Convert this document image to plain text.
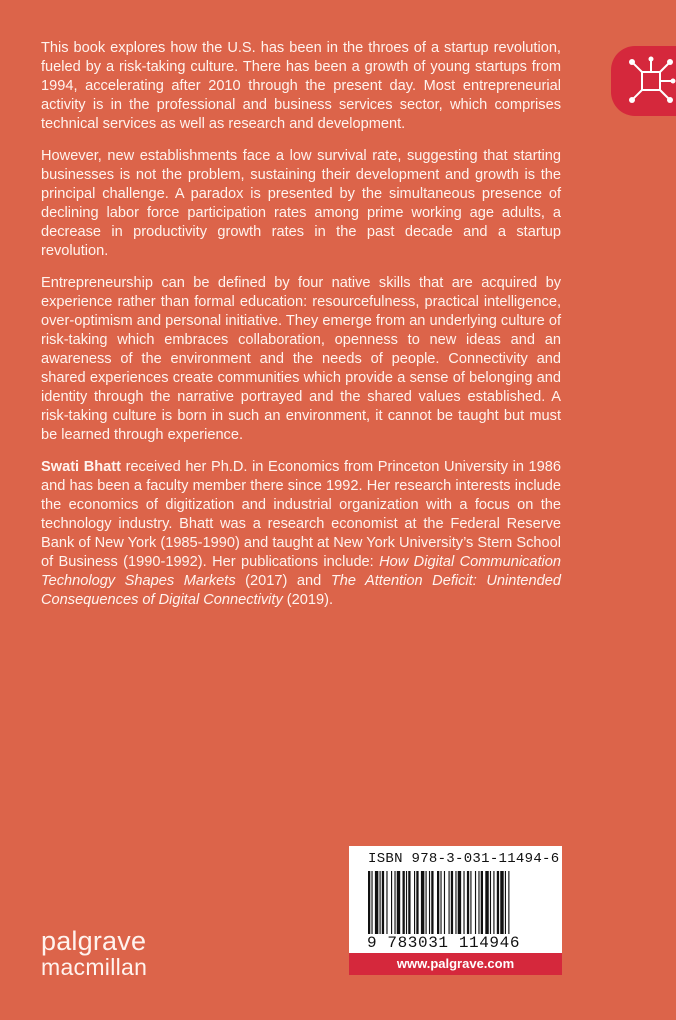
This book explores how the U.S. has been in the throes of a startup revolution, fueled by a risk-taking culture. There has been a growth of young startups from 1994, accelerating after 2010 through the present day. Most entrepreneurial activity is in the professional and business services sector, which comprises technical services as well as research and development.

However, new establishments face a low survival rate, suggesting that starting businesses is not the problem, sustaining their development and growth is the principal challenge. A paradox is presented by the simultaneous presence of declining labor force participation rates among prime working age adults, a decrease in productivity growth rates in the past decade and a startup revolution.

Entrepreneurship can be defined by four native skills that are acquired by experience rather than formal education: resourcefulness, practical intelligence, over-optimism and personal initiative. They emerge from an underlying culture of risk-taking which embraces collaboration, openness to new ideas and an awareness of the environment and the needs of people. Connectivity and shared experiences create communities which provide a sense of belonging and identity through the narrative portrayed and the shared values established. A risk-taking culture is born in such an environment, it cannot be taught but must be learned through experience.

Swati Bhatt received her Ph.D. in Economics from Princeton University in 1986 and has been a faculty member there since 1992. Her research interests include the economics of digitization and industrial organization with a focus on the technology industry. Bhatt was a research economist at the Federal Reserve Bank of New York (1985-1990) and taught at New York University’s Stern School of Business (1990-1992). Her publications include: How Digital Communication Technology Shapes Markets (2017) and The Attention Deficit: Unintended Consequences of Digital Connectivity (2019).

palgrave
macmillan
ISBN 978-3-031-11494-6
9 783031 114946
www.palgrave.com
